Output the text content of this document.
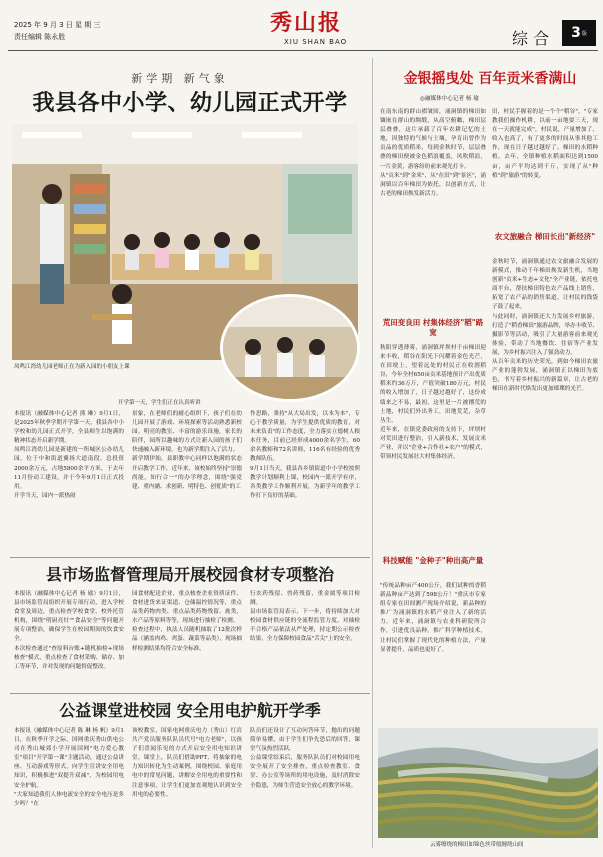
2025 年 9 月 3 日 星 期 三
责任编辑 陈永胜
秀山报
XIU SHAN BAO	综 合 3 版
新学期 新气象
我县各中小学、幼儿园正式开学
凤鸣江湾幼儿园老师正在为新入园的小朋友上课
开学第一天，学生们正在认真听讲
本报讯（融媒体中心记者 熊 琳）9月1日，是2025年秋季学期开学第一天，我县各中小学校和幼儿园正式开学，全县师生以饱满的精神状态开启新学期。
凤鸣江湾幼儿园是新建的一所城区公办幼儿园，位于中和街道翼扬大道南段。总投资2000余万元，占地5800余平方米，于去年11月份动工建设，并于今年9月1日正式投用。
开学当天，园内一派热闹
景象，在老师们的耐心组织下，孩子们在幼儿园开展了游戏、环境探索等活动熟悉新校园。明亮的教室、丰富的游乐设施，家长的陪伴，园所以趣味的方式让新入园的孩子们快速融入新环境，也为新学期注入了活力。
新学期伊始，县职教中心同样以饱满的状态开启教学工作，近年来，该校始终坚持"崇德尚能，知行合一"的办学理念，围绕"强党建、重内涵、求创新、明特色、创优质"的工
作思路，秉持"从大局出发，以本为本"，专心于教学质量，为学生提供优质的教育，对未来负责"的工作态度，全力落实立德树人根本任务，目前已经形成4000余名学生，60余名教师和72名讲师，116名有经验的优秀教师队伍。
9月1日当天，我县各乡镇街道中小学校按照教学计划顺利上课，校园内一派开学有序，各类教学工作顺利开展，为新学年的教学工作打下良好的基础。
县市场监督管理局开展校园食材专项整治
本报讯（融媒体中心记者 杨 瑜）9月1日，县市场监管局组织开展专项行动，进入学校食堂及周边，重点检查学校食堂、校外托管机构，围绕"明厨亮灶""食品安全"等问题开展专项整治，确保学生在校园期间的饮食安全。
本次检查通过"查原料台账+随机抽检+现场核查"模式，重点检查了食材采购、储存、加工等环节，并对发现的问题督促整改。
园食材配送企业、重点核查企业资质证件、食材进货来证渠道、仓储温控情况等，重点品类药物肉类、重点品类药物残留、禽类、水产品等原料等等，现场进行抽检了检测。
检查过程中，执法人员随机抽取了12批次样品（涵盖肉鸡、鸡蛋、蔬菜等品类），现场抽样检测结果均符合安全标准。
行农药残留、兽药残留、重金属等项目检测。
县市场监管局表示，下一步，将持续加大对校园食材供应链的全流程监管力度，对抽检不合格产品依法从严处理，持定期公示检查结果，全力保障校园食品"舌尖"上的安全。
公益课堂进校园 安全用电护航开学季
本报讯（融媒体中心记者 陈 琳 杨 帆）9月1日，在秋季开学之际，国网重庆秀山供电公司在秀山城郊小学开展国网"电力爱心教室"项目"开学第一课"主题活动，通过公益讲座、互动游戏等形式，向学生宣讲安全用电知识，积极推进"双提升双减"，为校园用电安全护航。
"大家知道我们人体电流安全的安全电压是多少吗？"在
该校教室，国家电网重庆电力（秀山）红岩共产党员服务队队员代号"电力老师"，以孩子们喜闻乐见的方式开启安全用电知识讲堂。课堂上，队员们借助PPT、将抽象的电力知识转化为生动案例，围绕校园、家庭用电中的常见问题，讲解安全用电的重要性和注意事项，让学生们更加直观地认识到安全用电的必要性。
队员们还设计了互动问答环节，抛出的问题简单易懂，由于学生们争先恐后的回答，课堂气氛热烈活跃。
公益课堂结束后，服务队队员们对校园用电安全展开了安全排查，重点检查教室、食堂、办公室等场所的用电设施，及时消除安全隐患，为师生营造安全放心的教学环境。
金银摇曳处 百年贡米香满山
◎融媒体中心记者 杨 瑜
在南东南的群山褶皱间，涌洞镇的梯田如镶嵌在群山的绸缎，从高空俯瞰，梯田层层叠叠，这片承载了百年农耕记忆的土地，因独特的气候与土壤，孕育出曾作为贡品的优质稻米，每到金秋时节，层层叠叠的梯田便被金色稻浪覆盖，风吹稻浪，一片金黄，游客纷纷前来观光打卡。
从"贡米"到"金米"，从"在田"到"景区"，涌洞镇以百年梯田为依托，以创新方式，让古老的梯田焕发新活力。
荒田变良田 村集体经济"稻"路宽
秋阳穿透薄雾，涌洞镇坪坝村千亩梯田迎来丰收，稻谷在阳光下闪耀着金色光芒，在田埂上，望着远处的村民正在收割稻谷，今年全村650亩贡米基地预计产出优质稻米约36万斤，产值突破180万元，村民的收入增加了，日子越过越好了，这份成绩来之不易，最初，这里是一片被撂荒的土地，村民们外出务工，田地荒芜，杂草丛生。
近年来，在镇党委政府的支持下，坪坝村对荒田进行整治，引入新技术，发展贡米产业，并以"企业+合作社+农户"的模式，带领村民发展壮大村集体经济。
科技赋能 "金种子"种出高产量
"传统品种亩产400公斤，我们试种的香稻新品种亩产达到了598公斤！"重庆市专家组专家在田间测产现场介绍说，新品种的推广为涌洞镇的水稻产业注入了新的活力。近年来，涌洞镇与农业科研院所合作，引进优良品种，推广科学种植技术，让村民们掌握了现代化的种植方法，产量显著提升，品质也更好了。
田，村民手握着的是一个个"稻谷"，"专家教我们操作机耕，以前一亩地要三天，现在一天就能完成"，村民说，产量增加了，收入也高了，有了更多的时间从事其他工作，现在日子越过越好了。梯田的水稻种植，去年，全镇种植水稻面积达到1500亩，亩产平均达到千斤，实现了从"种植"到"旅游"的转变。
农文旅融合 梯田长出"新经济"
金秋时节，涌洞镇通过农文旅融合发展的新模式，推动千年梯田焕发新生机，当地创新"贡米+生态+文化"全产业链，依托电商平台，帮扶梯田特色农产品线上销售，拓宽了农产品的销售渠道，让村民的钱袋子鼓了起来。
与此同时，涌洞镇还大力发展乡村旅游，打造了"稻香梯田"旅游品牌，举办丰收节、摄影节等活动，吸引了大量游客前来观光体验，带动了当地餐饮、住宿等产业发展，为乡村振兴注入了强劲动力。
从百年贡米的历史荣光，到如今梯田农旅产业的蓬勃发展，涌洞镇正以梯田为底色，书写着乡村振兴的新篇章，让古老的梯田在新时代焕发出更加璀璨的光芒。
云雾缭绕的梯田如锦色丝带般缠绕山间
